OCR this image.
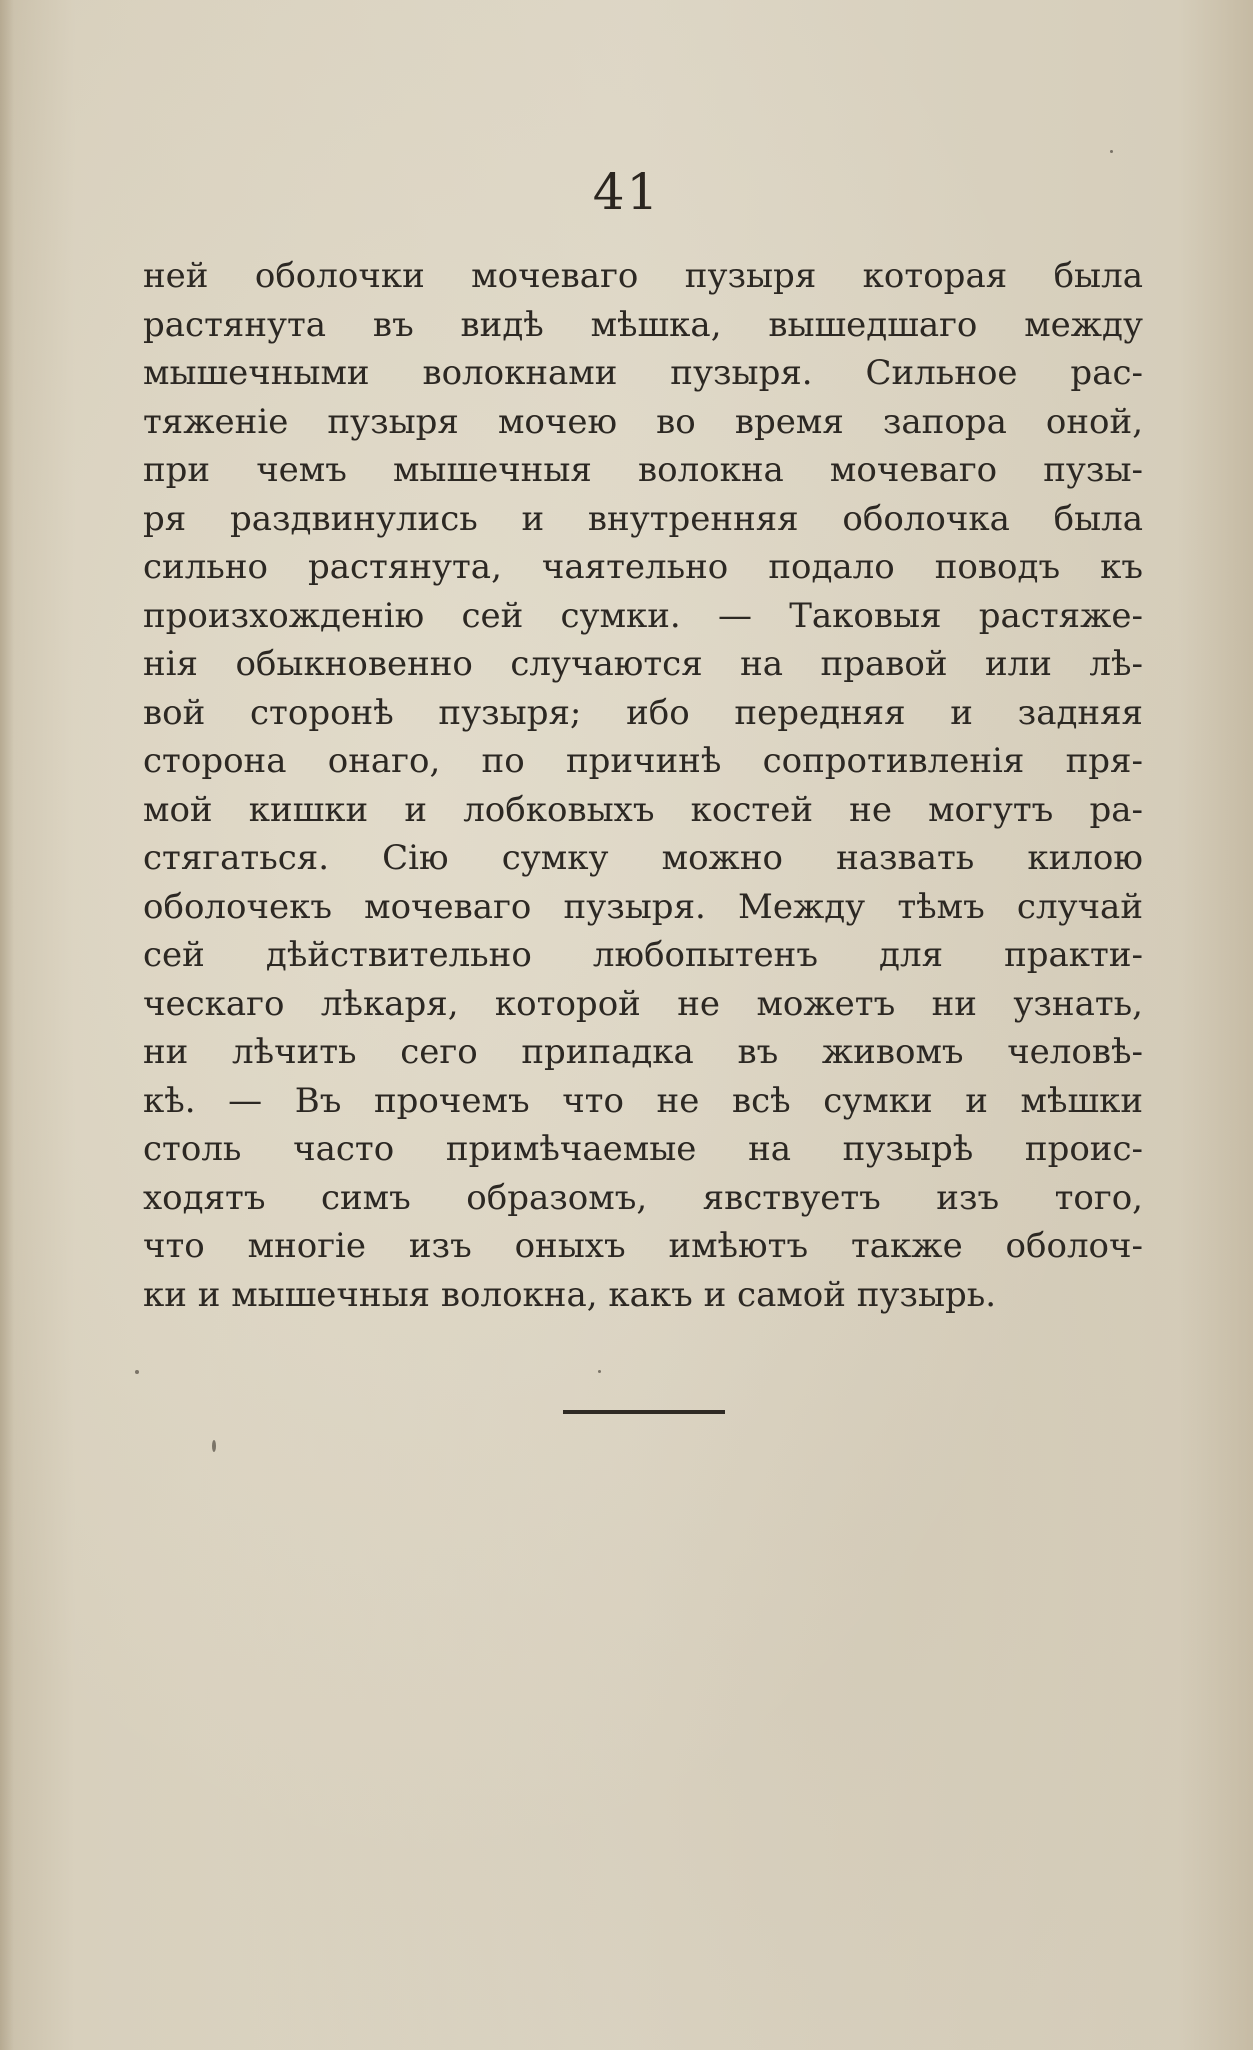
41
ней оболочки мочеваго пузыря которая была
растянута въ видѣ мѣшка, вышедшаго между
мышечными волокнами пузыря. Сильное рас-
тяженіе пузыря мочею во время запора оной,
при чемъ мышечныя волокна мочеваго пузы-
ря раздвинулись и внутренняя оболочка была
сильно растянута, чаятельно подало поводъ къ
произхожденію сей сумки. — Таковыя растяже-
нія обыкновенно случаются на правой или лѣ-
вой сторонѣ пузыря; ибо передняя и задняя
сторона онаго, по причинѣ сопротивленія пря-
мой кишки и лобковыхъ костей не могутъ ра-
стягаться. Сію сумку можно назвать килою
оболочекъ мочеваго пузыря. Между тѣмъ случай
сей дѣйствительно любопытенъ для практи-
ческаго лѣкаря, которой не можетъ ни узнать,
ни лѣчить сего припадка въ живомъ человѣ-
кѣ. — Въ прочемъ что не всѣ сумки и мѣшки
столь часто примѣчаемые на пузырѣ проис-
ходятъ симъ образомъ, явствуетъ изъ того,
что многіе изъ оныхъ имѣютъ также оболоч-
ки и мышечныя волокна, какъ и самой пузырь.
